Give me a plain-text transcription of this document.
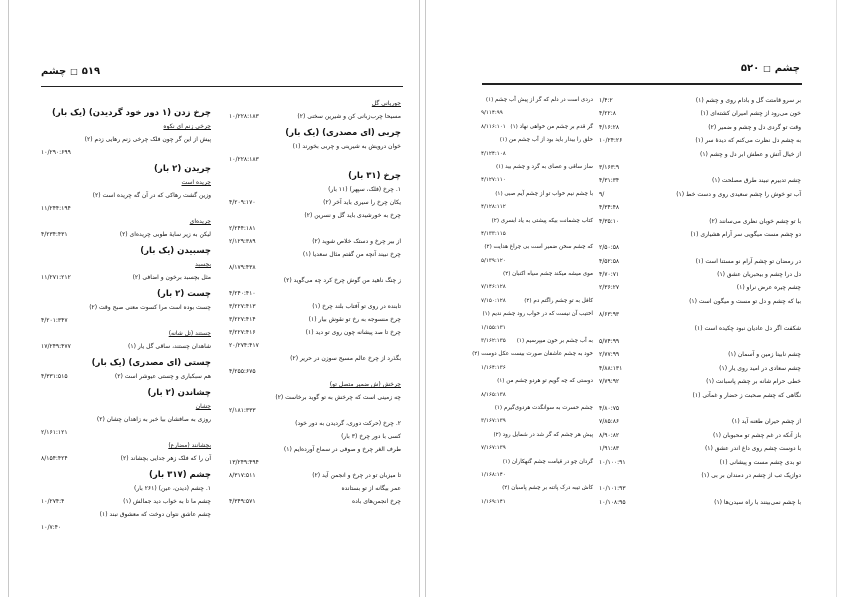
چشم □ ۵۱۹
جوریانی گل
مسیحا چرب‌زبانی کن و شیرین سخنی (۲)
۱۰/۲۲۸:۱۸۳
چربی (ای مصدری) (یک بار)
خوان درویش به شیرینی و چربی بخورند (۱)
۱۰/۲۲۸:۱۸۳
چرخ (۳۱ بار)
۱. چرخ (فلک، سپهر) (۱۱ بار)
یکان چرخ را سیری باید آخر (۲)
۴/۲۰۹:۱۷۰
چرخ به خورشیدی باید گل و نسرین (۲)
۲/۲۴۴:۱۸۱
از بیر چرخ و دستک خلاص شوید (۲)
۲/۱۲۹:۳۸۹
چرخ نبیند آنچه من گفتم مثال سعدیا (۱)
۸/۱۷۹:۴۳۸
ز چنگ ناهید من گوش چرخ کرد چه می‌گوید (۲)
۴/۲۴۰:۴۱۰
تابنده در روی تو آفتاب بلند چرخ (۱)
۳/۲۲۷:۴۱۳
چرخ منسوجه به رخ تو نقوش بیار (۱)
۳/۲۲۷:۴۱۴
چرخ تا صد پیشانه چون روی تو دید (۱)
۳/۲۲۷:۴۱۶
۲۰/۲۷۴:۴۱۷
بگذرد از چرخ عالم مسیح سوزن در حریر (۲)
۴/۲۵۵:۶۷۵
چرخش (ش ضمیر متصل تو)
چه زمینی است که چرخش به تو گوید برخاست (۲)
۲/۱۸۱:۳۳۳
۲. چرخ (حرکت دوری، گردیدن به دور خود)
کسی با دور چرخ (۳ بار)
طرف الغر چرخ و صوفی در سماع آورده‌ایم (۱)
۱۳/۲۴۹:۴۹۴
تا میزبان تو در چرخ و انجمن آید (۲)
۸/۳۱۷:۵۱۱
عمر بیگانه از تو بستانده
چرخ انجمن‌های باده
۴/۳۴۹:۵۷۱
چرخ زدن (۱ دور خود گردیدن) (یک بار)
چرخی زنم ای نکوه
پیش از این گر چون فلک چرخی زنم رهایی زدم (۲)
۱۰/۲۹۰:۶۹۹
چریدن (۲ بار)
چریده است
وزین گشت رهاکی که در آن گه چریده است (۲)
۱۱/۲۴۴:۱۹۴
چریده‌ای
لیکن به زیر سایهٔ طوبی چریده‌ای (۲)
۴/۲۳۴:۴۳۱
چسبیدن (یک بار)
بچسبد
مثل بچسبد برخون و اضافی (۲)
۱۱/۲۷۱:۲۱۲
چست (۲ بار)
چست بوده است مرا کسوت معنی صبح وقت (۲)
۴/۲۰۱:۳۴۷
چستند (تل شانه)
شاهدان چستند، ساقی گل یار (۱)
۱۷/۲۴۹:۴۷۷
چستی (ای مصدری) (یک بار)
هم سبکباری و چستی عیوشر است (۲)
۴/۳۳۱:۵۱۵
چشاندن (۲ بار)
چشان
روزی به صافشان بیا خبر به زاهدان چشان (۲)
۲/۱۶۱:۱۲۱
بچشانند (مضارع)
آن را که فلک زهر جدایی بچشاند (۲)
۸/۱۵۴:۴۲۴
چشم (۳۱۷ بار)
۱. چشم (دیدن، عین) (۲۶۱ بار)
چشم ما تا به خواب دید جمالش (۱)
۱۰/۲۷۴:۴
چشم عاشق نتوان دوخت که معشوق نبند (۱)
۱۰/۷:۴۰
۵۲۰ □ چشم
بر سرو قامتت گل و بادام روی و چشم (۱)
۱/۴:۲
خون می‌رود از چشم امیران کشته‌ای (۱)
۴/۲۲:۸
وقت تو گردی دل و چشم و ضمیر (۲)
۴/۱۶:۲۸
به چشم دل نظرت می‌کنم که دیدهٔ سر (۱)
۱۰/۲۴:۲۶
از خیال آتش و عطش ابر دل و چشم (۱)
۳/۱۶۳:۹
چشم تدبیرم نبیند طرق مصلحت (۱)
۴/۳۱:۳۴
آب تو خوش را چشم سعیدی روی و دست خط (۱)
۹/
۴/۳۴:۴۸
با تو چشم خوبان نظری می‌سانند (۲)
۴/۳۵:۱۰
دو چشم مست میگویی سر آرام هشیاری (۱)
۲/۵۰:۵۸
در رمضان تو چشم آرام نو مستنا است (۱)
۴/۵۲:۵۸
دل درا چشم و بیحبریان عشق (۱)
۴/۷۰:۷۱
چشم چیره عرض نراو (۱)
۲/۳۶:۲۷
بیا که چشم و دل تو مست و میگون است (۱)
۸/۶۳:۹۳
شکفت اگر دل عادیان نبود چکیده است (۱)
۵/۷۴:۹۹
چشم نابینا زمین و آسمان (۱)
۲/۷۷:۹۹
چشم سعادی در امید روی یار (۱)
۴/۸۸:۱۳۱
خطی حرام شانه بر چشم پاسبانت (۱)
۷/۷۹:۹۲
نگاهی که چشم صحبت ز حضار و غمآتی (۱)
۴/۸۰:۷۵
از چشم حیران طعنه آید (۱)
۷/۸۵:۸۶
باز آنکه در غم چشم تو محبوبان (۱)
۸/۹۰:۸۲
با دوست چشم روی داغ اندر عشق (۱)
۱/۹۱:۸۳
تو بدی چشم مست و پیشانی (۱)
۱۰/۱۰۰:۹۱
دوازیک تب از چشم در دمندان بر بی (۱)
۱۰/۱۰۱:۹۳
با چشم نمی‌بینند با راه سیدن‌ها (۱)
۱۰/۱۰۸:۹۵
دردی است در دلم که گر از پیش آب چشم (۱)
۹/۱۱۴:۹۹
گر قدم بر چشم من خواهی نهاد (۱)
۸/۱۱۶:۱۰۱
حلق را بیدار باید بود از آب چشم من (۱)
۴/۱۲۴:۱۰۸
ساز ساقی و عصای به گرد و چشم بید (۱)
۴/۱۲۷:۱۱۰
با چشم نیم خواب تو از چشم آیم صبی (۱)
۴/۱۲۸:۱۱۲
کتاب چشمانت بیکه پیشتی به یاد ابسری (۲)
۴/۱۳۳:۱۱۵
که چشم سخن ضمیر است بی چراغ هدایت (۲)
۵/۱۳۹:۱۲۰
موی میشه میکند چشم سیاه اکنبان (۲)
۷/۱۴۶:۱۲۸
کافل به تو چشم راگتم دم (۲)
۷/۱۵۰:۱۲۸
اختیب آن نیست که در خواب رود چشم ندیم (۱)
۱/۱۵۵:۱۳۱
به آب چشم بر خون میپرسیم (۱)
۳/۱۶۲:۱۳۵
خود به چشم عاشقان صورت بیست عکل دوست (۲)
۱/۱۶۴:۱۳۶
دوستی که چه گویم تو هردو چشم من (۱)
۸/۱۶۵:۱۳۸
چشم حسرت به سوانگدت هردوی‌گیرم (۱)
۳/۱۶۷:۱۳۹
پیش هر چشم که گر شد در شمایل رود (۲)
۷/۱۶۷:۱۳۹
گردان چو در قیامت چشم گنهکاران (۱)
۱/۱۶۸:۱۴۰
کاش تیبه درک پاتنه بر چشم پاسبان (۲)
۱/۱۶۹:۱۴۱
